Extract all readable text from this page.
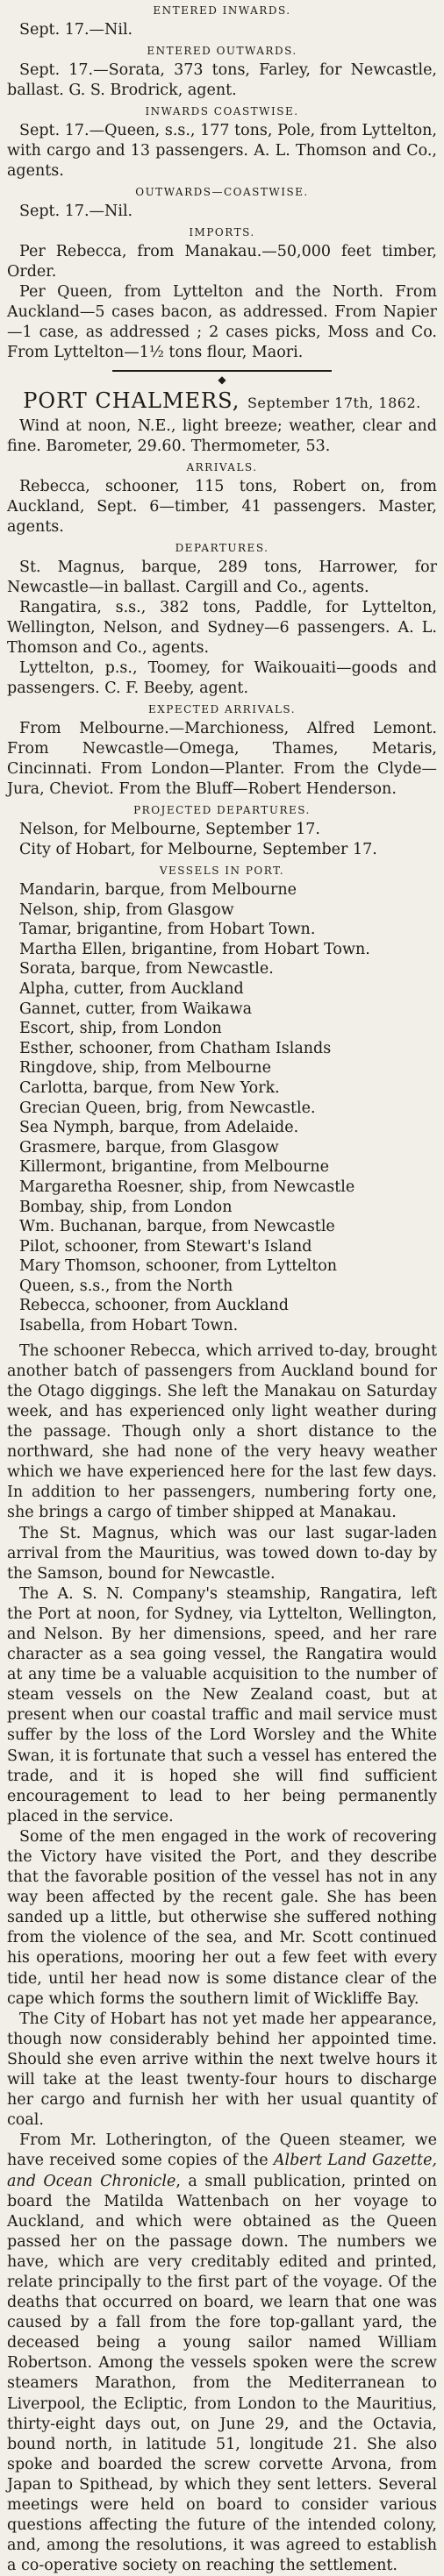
ENTERED INWARDS.
Sept. 17.—Nil.
ENTERED OUTWARDS.
Sept. 17.—Sorata, 373 tons, Farley, for Newcastle, ballast. G. S. Brodrick, agent.
INWARDS COASTWISE.
Sept. 17.—Queen, s.s., 177 tons, Pole, from Lyttelton, with cargo and 13 passengers. A. L. Thomson and Co., agents.
OUTWARDS—COASTWISE.
Sept. 17.—Nil.
IMPORTS.
Per Rebecca, from Manakau.—50,000 feet timber, Order.
Per Queen, from Lyttelton and the North. From Auckland—5 cases bacon, as addressed. From Napier—1 case, as addressed ; 2 cases picks, Moss and Co. From Lyttelton—1½ tons flour, Maori.
◆
PORT CHALMERS, September 17th, 1862.
Wind at noon, N.E., light breeze; weather, clear and fine. Barometer, 29.60. Thermometer, 53.
ARRIVALS.
Rebecca, schooner, 115 tons, Robert on, from Auckland, Sept. 6—timber, 41 passengers. Master, agents.
DEPARTURES.
St. Magnus, barque, 289 tons, Harrower, for Newcastle—in ballast. Cargill and Co., agents.
Rangatira, s.s., 382 tons, Paddle, for Lyttelton, Wellington, Nelson, and Sydney—6 passengers. A. L. Thomson and Co., agents.
Lyttelton, p.s., Toomey, for Waikouaiti—goods and passengers. C. F. Beeby, agent.
EXPECTED ARRIVALS.
From Melbourne.—Marchioness, Alfred Lemont. From Newcastle—Omega, Thames, Metaris, Cincinnati. From London—Planter. From the Clyde—Jura, Cheviot. From the Bluff—Robert Henderson.
PROJECTED DEPARTURES.
Nelson, for Melbourne, September 17.
City of Hobart, for Melbourne, September 17.
VESSELS IN PORT.
Mandarin, barque, from Melbourne
Nelson, ship, from Glasgow
Tamar, brigantine, from Hobart Town.
Martha Ellen, brigantine, from Hobart Town.
Sorata, barque, from Newcastle.
Alpha, cutter, from Auckland
Gannet, cutter, from Waikawa
Escort, ship, from London
Esther, schooner, from Chatham Islands
Ringdove, ship, from Melbourne
Carlotta, barque, from New York.
Grecian Queen, brig, from Newcastle.
Sea Nymph, barque, from Adelaide.
Grasmere, barque, from Glasgow
Killermont, brigantine, from Melbourne
Margaretha Roesner, ship, from Newcastle
Bombay, ship, from London
Wm. Buchanan, barque, from Newcastle
Pilot, schooner, from Stewart's Island
Mary Thomson, schooner, from Lyttelton
Queen, s.s., from the North
Rebecca, schooner, from Auckland
Isabella, from Hobart Town.
The schooner Rebecca, which arrived to-day, brought another batch of passengers from Auckland bound for the Otago diggings. She left the Manakau on Saturday week, and has experienced only light weather during the passage. Though only a short distance to the northward, she had none of the very heavy weather which we have experienced here for the last few days. In addition to her passengers, numbering forty one, she brings a cargo of timber shipped at Manakau.
The St. Magnus, which was our last sugar-laden arrival from the Mauritius, was towed down to-day by the Samson, bound for Newcastle.
The A. S. N. Company's steamship, Rangatira, left the Port at noon, for Sydney, via Lyttelton, Wellington, and Nelson. By her dimensions, speed, and her rare character as a sea going vessel, the Rangatira would at any time be a valuable acquisition to the number of steam vessels on the New Zealand coast, but at present when our coastal traffic and mail service must suffer by the loss of the Lord Worsley and the White Swan, it is fortunate that such a vessel has entered the trade, and it is hoped she will find sufficient encouragement to lead to her being permanently placed in the service.
Some of the men engaged in the work of recovering the Victory have visited the Port, and they describe that the favorable position of the vessel has not in any way been affected by the recent gale. She has been sanded up a little, but otherwise she suffered nothing from the violence of the sea, and Mr. Scott continued his operations, mooring her out a few feet with every tide, until her head now is some distance clear of the cape which forms the southern limit of Wickliffe Bay.
The City of Hobart has not yet made her appearance, though now considerably behind her appointed time. Should she even arrive within the next twelve hours it will take at the least twenty-four hours to discharge her cargo and furnish her with her usual quantity of coal.
From Mr. Lotherington, of the Queen steamer, we have received some copies of the Albert Land Gazette, and Ocean Chronicle, a small publication, printed on board the Matilda Wattenbach on her voyage to Auckland, and which were obtained as the Queen passed her on the passage down. The numbers we have, which are very creditably edited and printed, relate principally to the first part of the voyage. Of the deaths that occurred on board, we learn that one was caused by a fall from the fore top-gallant yard, the deceased being a young sailor named William Robertson. Among the vessels spoken were the screw steamers Marathon, from the Mediterranean to Liverpool, the Ecliptic, from London to the Mauritius, thirty-eight days out, on June 29, and the Octavia, bound north, in latitude 51, longitude 21. She also spoke and boarded the screw corvette Arvona, from Japan to Spithead, by which they sent letters. Several meetings were held on board to consider various questions affecting the future of the intended colony, and, among the resolutions, it was agreed to establish a co-operative society on reaching the settlement.
